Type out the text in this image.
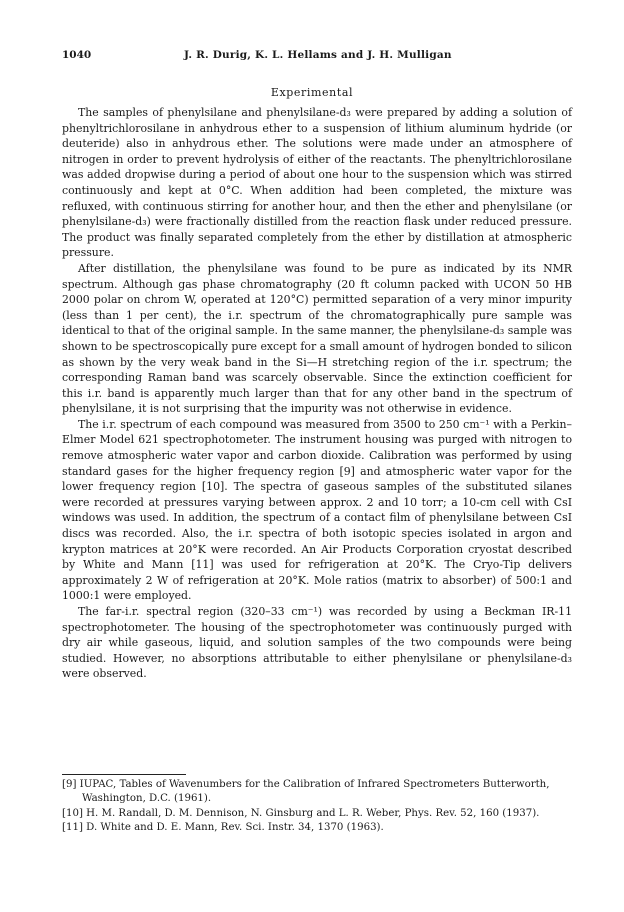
1040	J. R. Durig, K. L. Hellams and J. H. Mulligan
Experimental

The samples of phenylsilane and phenylsilane-d₃ were prepared by adding a solution of phenyltrichlorosilane in anhydrous ether to a suspension of lithium aluminum hydride (or deuteride) also in anhydrous ether. The solutions were made under an atmosphere of nitrogen in order to prevent hydrolysis of either of the reactants. The phenyltrichlorosilane was added dropwise during a period of about one hour to the suspension which was stirred continuously and kept at 0°C. When addition had been completed, the mixture was refluxed, with continuous stirring for another hour, and then the ether and phenylsilane (or phenylsilane-d₃) were fractionally distilled from the reaction flask under reduced pressure. The product was finally separated completely from the ether by distillation at atmospheric pressure.

After distillation, the phenylsilane was found to be pure as indicated by its NMR spectrum. Although gas phase chromatography (20 ft column packed with UCON 50 HB 2000 polar on chrom W, operated at 120°C) permitted separation of a very minor impurity (less than 1 per cent), the i.r. spectrum of the chromatographically pure sample was identical to that of the original sample. In the same manner, the phenylsilane-d₃ sample was shown to be spectroscopically pure except for a small amount of hydrogen bonded to silicon as shown by the very weak band in the Si—H stretching region of the i.r. spectrum; the corresponding Raman band was scarcely observable. Since the extinction coefficient for this i.r. band is apparently much larger than that for any other band in the spectrum of phenylsilane, it is not surprising that the impurity was not otherwise in evidence.

The i.r. spectrum of each compound was measured from 3500 to 250 cm⁻¹ with a Perkin–Elmer Model 621 spectrophotometer. The instrument housing was purged with nitrogen to remove atmospheric water vapor and carbon dioxide. Calibration was performed by using standard gases for the higher frequency region [9] and atmospheric water vapor for the lower frequency region [10]. The spectra of gaseous samples of the substituted silanes were recorded at pressures varying between approx. 2 and 10 torr; a 10-cm cell with CsI windows was used. In addition, the spectrum of a contact film of phenylsilane between CsI discs was recorded. Also, the i.r. spectra of both isotopic species isolated in argon and krypton matrices at 20°K were recorded. An Air Products Corporation cryostat described by White and Mann [11] was used for refrigeration at 20°K. The Cryo-Tip delivers approximately 2 W of refrigeration at 20°K. Mole ratios (matrix to absorber) of 500:1 and 1000:1 were employed.

The far-i.r. spectral region (320–33 cm⁻¹) was recorded by using a Beckman IR-11 spectrophotometer. The housing of the spectrophotometer was continuously purged with dry air while gaseous, liquid, and solution samples of the two compounds were being studied. However, no absorptions attributable to either phenylsilane or phenylsilane-d₃ were observed.

[9] IUPAC, Tables of Wavenumbers for the Calibration of Infrared Spectrometers Butterworth, Washington, D.C. (1961).
[10] H. M. Randall, D. M. Dennison, N. Ginsburg and L. R. Weber, Phys. Rev. 52, 160 (1937).
[11] D. White and D. E. Mann, Rev. Sci. Instr. 34, 1370 (1963).
